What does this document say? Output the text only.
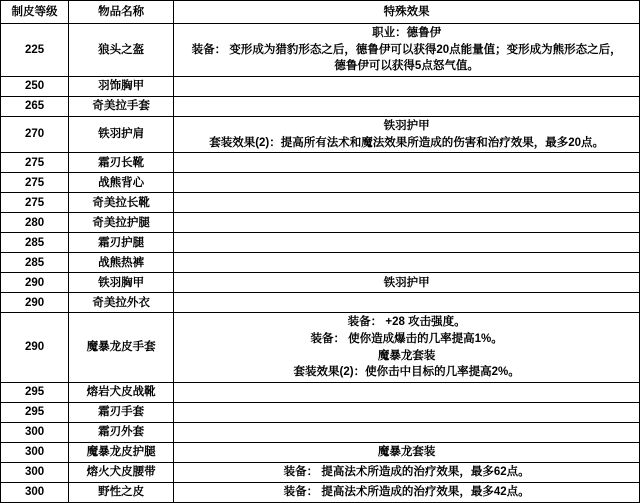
制皮等级	物品名称	特殊效果
225	狼头之盔	职业：德鲁伊
装备： 变形成为猎豹形态之后，德鲁伊可以获得20点能量值；变形成为熊形态之后，
德鲁伊可以获得5点怒气值。

250	羽饰胸甲	
265	奇美拉手套	
270	铁羽护肩	铁羽护甲
套装效果(2)：提高所有法术和魔法效果所造成的伤害和治疗效果，最多20点。

275	霜刃长靴	
275	战熊背心	
275	奇美拉长靴	
280	奇美拉护腿	
285	霜刃护腿	
285	战熊热裤	
290	铁羽胸甲	铁羽护甲

290	奇美拉外衣	
290	魔暴龙皮手套	装备： +28 攻击强度。
装备： 使你造成爆击的几率提高1%。
魔暴龙套装
套装效果(2)：使你击中目标的几率提高2%。

295	熔岩犬皮战靴	
295	霜刃手套	
300	霜刃外套	
300	魔暴龙皮护腿	魔暴龙套装

300	熔火犬皮腰带	装备： 提高法术所造成的治疗效果，最多62点。

300	野性之皮	装备： 提高法术所造成的治疗效果，最多42点。
